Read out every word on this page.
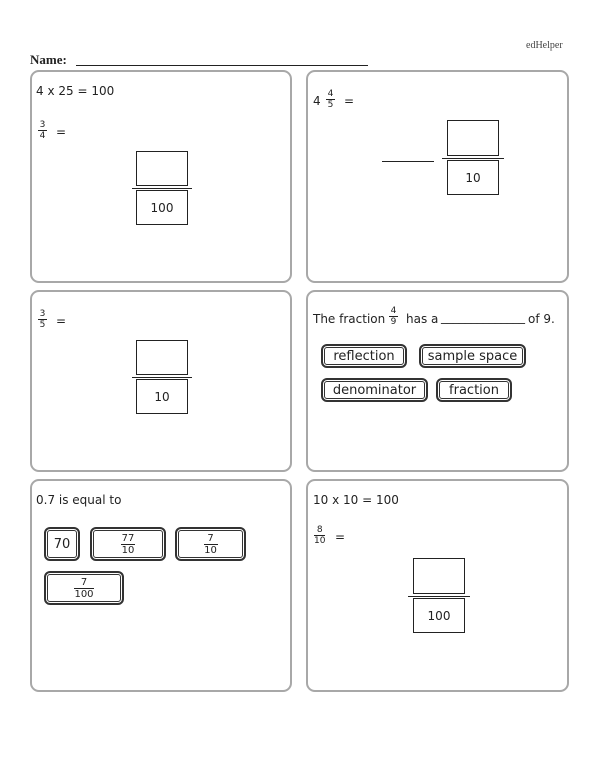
edHelper
Name:
4 x 25 = 100
3
4 =
100
4 4
5 =
10
3
5 =
10
The fraction
4
9 has a ______________ of 9.
reflection	sample space
denominator	fraction
0.7 is equal to
70	$\frac{77}{10}$	$\frac{7}{10}$
$\frac{7}{100}$
10 x 10 = 100
8
10 =
100
